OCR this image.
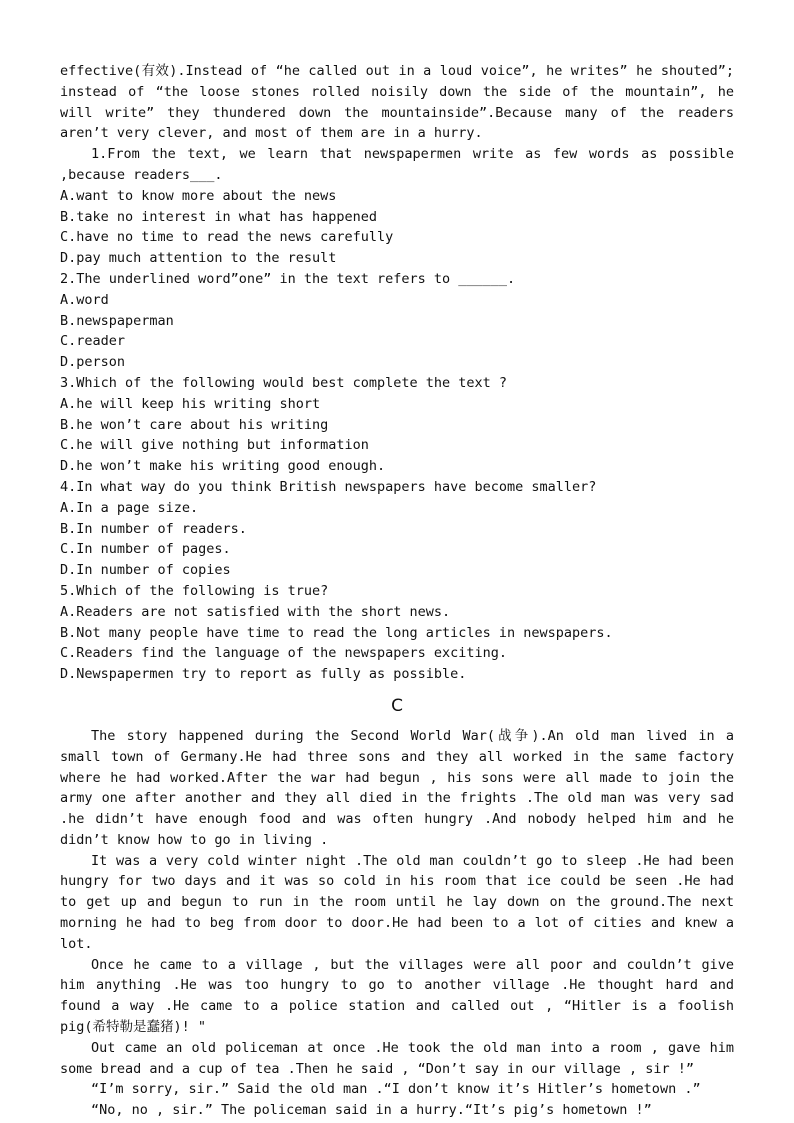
effective(有效).Instead of “he called out in a loud voice”, he writes” he shouted”; instead of “the loose stones rolled noisily down the side of the mountain”, he will write” they thundered down the mountainside”.Because many of the readers aren’t very clever, and most of them are in a hurry.

1.From the text, we learn that newspapermen write as few words as possible ,because readers___.

A.want to know more about the news

B.take no interest in what has happened

C.have no time to read the news carefully

D.pay much attention to the result

2.The underlined word”one” in the text refers to ______.

A.word

B.newspaperman

C.reader

D.person

3.Which of the following would best complete the text ?

A.he will keep his writing short

B.he won’t care about his writing

C.he will give nothing but information

D.he won’t make his writing good enough.

4.In what way do you think British newspapers have become smaller?

A.In a page size.

B.In number of readers.

C.In number of pages.

D.In number of copies

5.Which of the following is true?

A.Readers are not satisfied with the short news.

B.Not many people have time to read the long articles in newspapers.

C.Readers find the language of the newspapers exciting.

D.Newspapermen try to report as fully as possible.

C

The story happened during the Second World War(战争).An old man lived in a small town of Germany.He had three sons and they all worked in the same factory where he had worked.After the war had begun , his sons were all made to join the army one after another and they all died in the frights .The old man was very sad .he didn’t have enough food and was often hungry .And nobody helped him and he didn’t know how to go in living .

It was a very cold winter night .The old man couldn’t go to sleep .He had been hungry for two days and it was so cold in his room that ice could be seen .He had to get up and begun to run in the room until he lay down on the ground.The next morning he had to beg from door to door.He had been to a lot of cities and knew a lot.

Once he came to a village , but the villages were all poor and couldn’t give him anything .He was too hungry to go to another village .He thought hard and found a way .He came to a police station and called out , “Hitler is a foolish pig(希特勒是蠢猪)! "

Out came an old policeman at once .He took the old man into a room , gave him some bread and a cup of tea .Then he said , “Don’t say in our village , sir !”

“I’m sorry, sir.” Said the old man .“I don’t know it’s Hitler’s hometown .”

“No, no , sir.” The policeman said in a hurry.“It’s pig’s hometown !”
